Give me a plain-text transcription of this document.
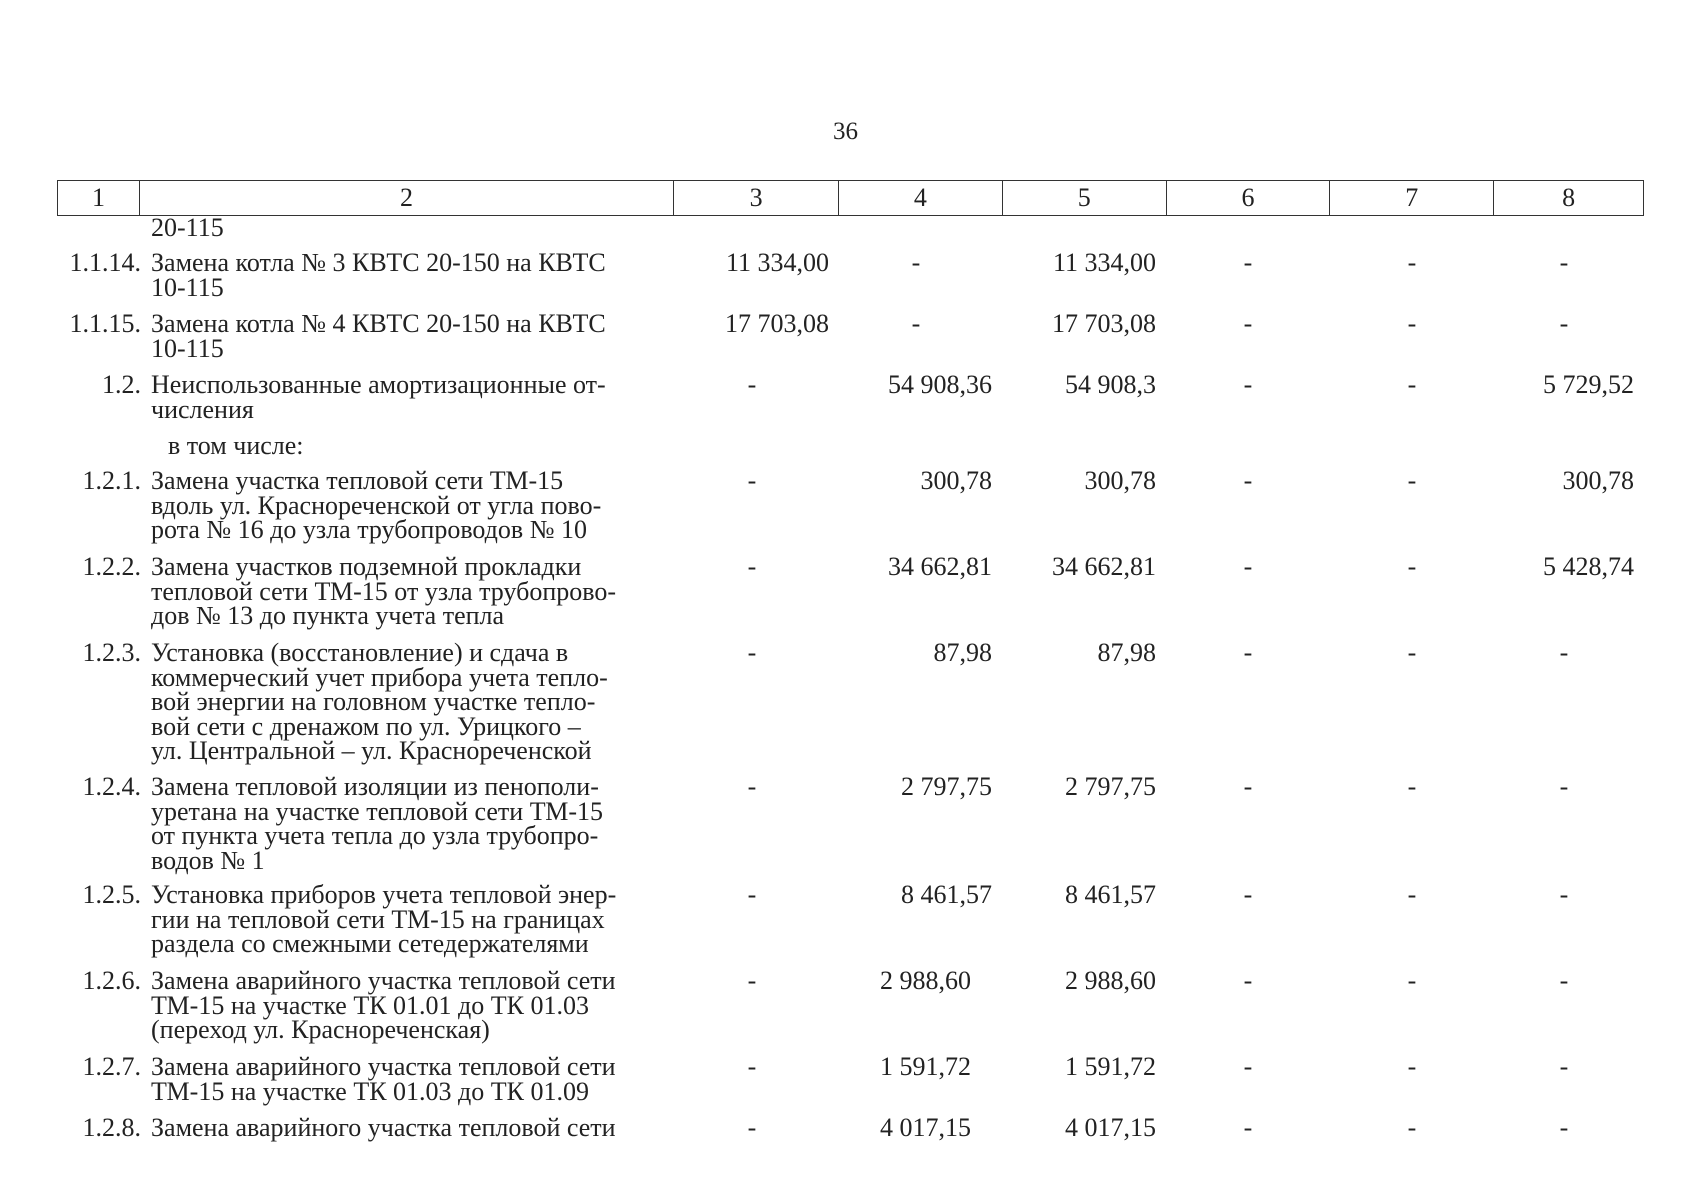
36
1	2	3	4	5	6	7	8
20-115
1.1.14. Замена котла № 3 КВТС 20-150 на КВТС
10-115
11 334,00	-	11 334,00	-	-	-
1.1.15. Замена котла № 4 КВТС 20-150 на КВТС
10-115
17 703,08	-	17 703,08	-	-	-
1.2. Неиспользованные амортизационные от-
числения
-	54 908,36	54 908,3	-	-	5 729,52
в том числе:
1.2.1. Замена участка тепловой сети ТМ-15
вдоль ул. Краснореченской от угла пово-
рота № 16 до узла трубопроводов № 10
-	300,78	300,78	-	-	300,78
1.2.2. Замена участков подземной прокладки
тепловой сети ТМ-15 от узла трубопрово-
дов № 13 до пункта учета тепла
-	34 662,81	34 662,81	-	-	5 428,74
1.2.3. Установка (восстановление) и сдача в
коммерческий учет прибора учета тепло-
вой энергии на головном участке тепло-
вой сети с дренажом по ул. Урицкого –
ул. Центральной – ул. Краснореченской
-	87,98	87,98	-	-	-
1.2.4. Замена тепловой изоляции из пенополи-
уретана на участке тепловой сети ТМ-15
от пункта учета тепла до узла трубопро-
водов № 1
-	2 797,75	2 797,75	-	-	-
1.2.5. Установка приборов учета тепловой энер-
гии на тепловой сети ТМ-15 на границах
раздела со смежными сетедержателями
-	8 461,57	8 461,57	-	-	-
1.2.6. Замена аварийного участка тепловой сети
ТМ-15 на участке ТК 01.01 до ТК 01.03
(переход ул. Краснореченская)
-	2 988,60	2 988,60	-	-	-
1.2.7. Замена аварийного участка тепловой сети
ТМ-15 на участке ТК 01.03 до ТК 01.09
-	1 591,72	1 591,72	-	-	-
1.2.8. Замена аварийного участка тепловой сети	-	4 017,15	4 017,15	-	-	-
